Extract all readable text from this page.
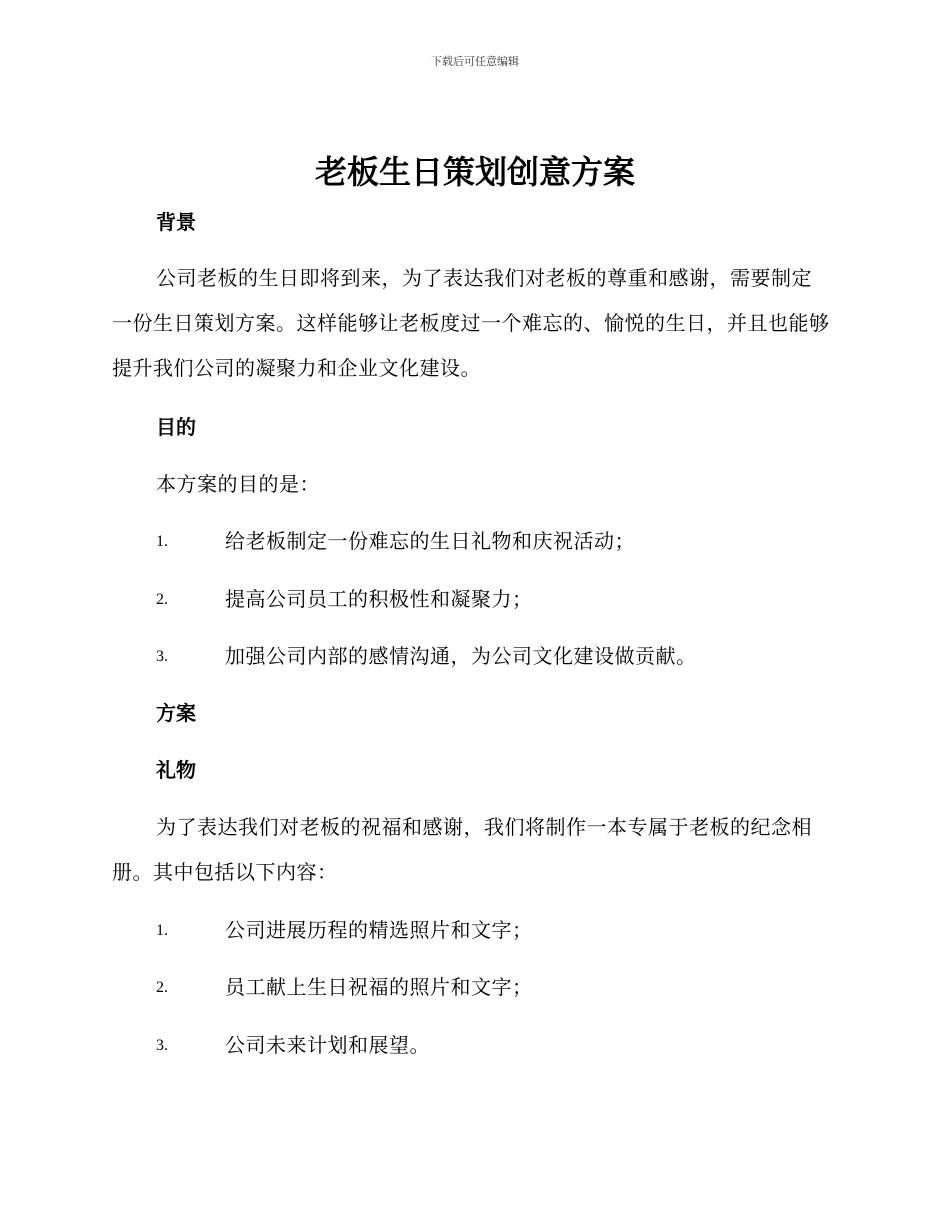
下载后可任意编辑
老板生日策划创意方案
背景

公司老板的生日即将到来，为了表达我们对老板的尊重和感谢，需要制定一份生日策划方案。这样能够让老板度过一个难忘的、愉悦的生日，并且也能够提升我们公司的凝聚力和企业文化建设。

目的

本方案的目的是：

1.	给老板制定一份难忘的生日礼物和庆祝活动；
2.	提高公司员工的积极性和凝聚力；
3.	加强公司内部的感情沟通，为公司文化建设做贡献。
方案
礼物

为了表达我们对老板的祝福和感谢，我们将制作一本专属于老板的纪念相册。其中包括以下内容：

1.	公司进展历程的精选照片和文字；
2.	员工献上生日祝福的照片和文字；
3.	公司未来计划和展望。
